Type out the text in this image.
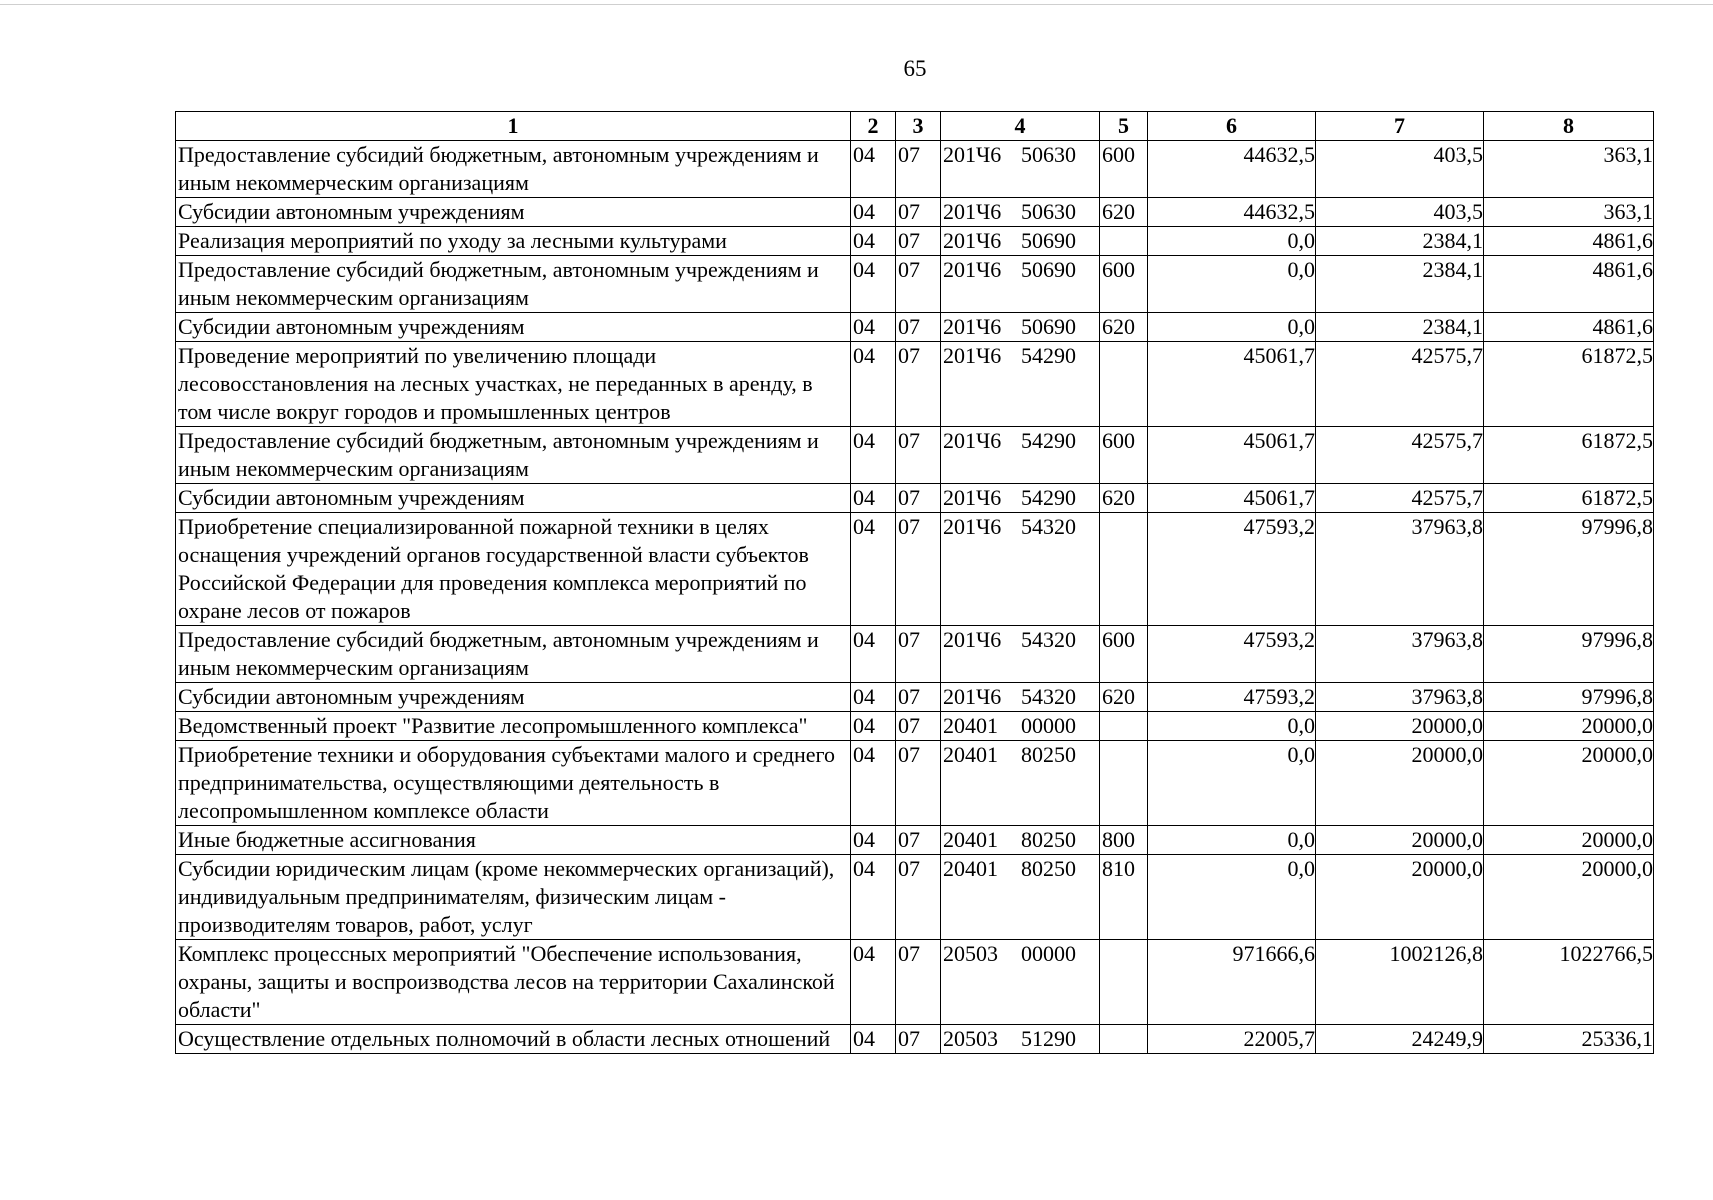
65
1	2	3	4	5	6	7	8
Предоставление субсидий бюджетным, автономным учреждениям и иным некоммерческим организациям	04	07	201Ч6 50630	600	44632,5	403,5	363,1
Субсидии автономным учреждениям	04	07	201Ч6 50630	620	44632,5	403,5	363,1
Реализация мероприятий по уходу за лесными культурами	04	07	201Ч6 50690		0,0	2384,1	4861,6
Предоставление субсидий бюджетным, автономным учреждениям и иным некоммерческим организациям	04	07	201Ч6 50690	600	0,0	2384,1	4861,6
Субсидии автономным учреждениям	04	07	201Ч6 50690	620	0,0	2384,1	4861,6
Проведение мероприятий по увеличению площади лесовосстановления на лесных участках, не переданных в аренду, в том числе вокруг городов и промышленных центров	04	07	201Ч6 54290		45061,7	42575,7	61872,5
Предоставление субсидий бюджетным, автономным учреждениям и иным некоммерческим организациям	04	07	201Ч6 54290	600	45061,7	42575,7	61872,5
Субсидии автономным учреждениям	04	07	201Ч6 54290	620	45061,7	42575,7	61872,5
Приобретение специализированной пожарной техники в целях оснащения учреждений органов государственной власти субъектов Российской Федерации для проведения комплекса мероприятий по охране лесов от пожаров	04	07	201Ч6 54320		47593,2	37963,8	97996,8
Предоставление субсидий бюджетным, автономным учреждениям и иным некоммерческим организациям	04	07	201Ч6 54320	600	47593,2	37963,8	97996,8
Субсидии автономным учреждениям	04	07	201Ч6 54320	620	47593,2	37963,8	97996,8
Ведомственный проект "Развитие лесопромышленного комплекса"	04	07	20401 00000		0,0	20000,0	20000,0
Приобретение техники и оборудования субъектами малого и среднего предпринимательства, осуществляющими деятельность в лесопромышленном комплексе области	04	07	20401 80250		0,0	20000,0	20000,0
Иные бюджетные ассигнования	04	07	20401 80250	800	0,0	20000,0	20000,0
Субсидии юридическим лицам (кроме некоммерческих организаций), индивидуальным предпринимателям, физическим лицам - производителям товаров, работ, услуг	04	07	20401 80250	810	0,0	20000,0	20000,0
Комплекс процессных мероприятий "Обеспечение использования, охраны, защиты и воспроизводства лесов на территории Сахалинской области"	04	07	20503 00000		971666,6	1002126,8	1022766,5
Осуществление отдельных полномочий в области лесных отношений	04	07	20503 51290		22005,7	24249,9	25336,1
